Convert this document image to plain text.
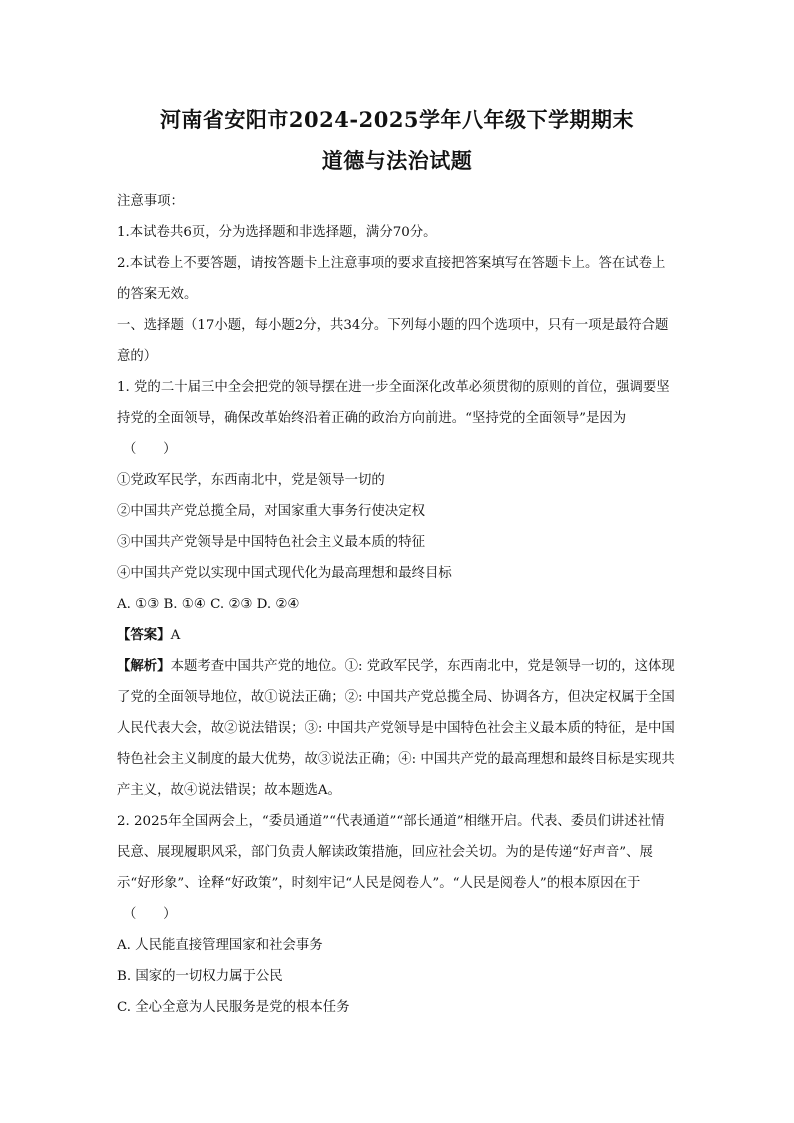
河南省安阳市2024-2025学年八年级下学期期末
道德与法治试题

注意事项：

1.本试卷共6页，分为选择题和非选择题，满分70分。

2.本试卷上不要答题，请按答题卡上注意事项的要求直接把答案填写在答题卡上。答在试卷上的答案无效。

一、选择题（17小题，每小题2分，共34分。下列每小题的四个选项中，只有一项是最符合题意的）

1. 党的二十届三中全会把党的领导摆在进一步全面深化改革必须贯彻的原则的首位，强调要坚持党的全面领导，确保改革始终沿着正确的政治方向前进。“坚持党的全面领导”是因为

（　　）

①党政军民学，东西南北中，党是领导一切的

②中国共产党总揽全局，对国家重大事务行使决定权

③中国共产党领导是中国特色社会主义最本质的特征

④中国共产党以实现中国式现代化为最高理想和最终目标

A. ①③ B. ①④ C. ②③ D. ②④

【答案】A

【解析】本题考查中国共产党的地位。①: 党政军民学，东西南北中，党是领导一切的，这体现了党的全面领导地位，故①说法正确；②: 中国共产党总揽全局、协调各方，但决定权属于全国人民代表大会，故②说法错误；③: 中国共产党领导是中国特色社会主义最本质的特征，是中国特色社会主义制度的最大优势，故③说法正确；④: 中国共产党的最高理想和最终目标是实现共产主义，故④说法错误；故本题选A。

2. 2025年全国两会上，“委员通道”“代表通道”“部长通道”相继开启。代表、委员们讲述社情民意、展现履职风采，部门负责人解读政策措施，回应社会关切。为的是传递“好声音”、展示“好形象”、诠释“好政策”，时刻牢记“人民是阅卷人”。“人民是阅卷人”的根本原因在于

（　　）

A. 人民能直接管理国家和社会事务

B. 国家的一切权力属于公民

C. 全心全意为人民服务是党的根本任务
